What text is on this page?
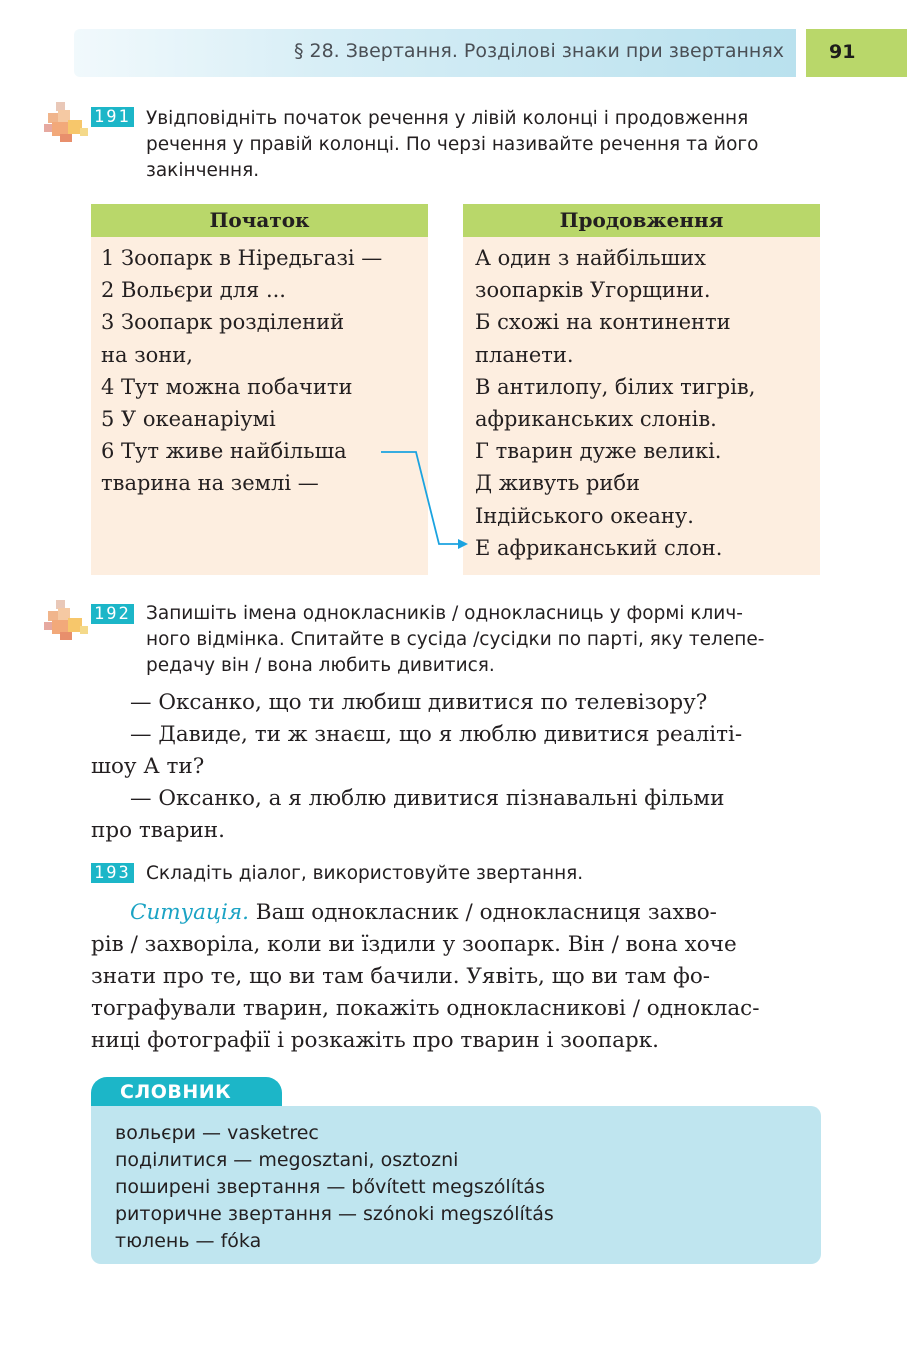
§ 28. Звертання. Розділові знаки при звертаннях 91
191 Увідповідніть початок речення у лівій колонці і продовження
речення у правій колонці. По черзі називайте речення та його
закінчення.
Початок
1 Зоопарк в Ніредьгазі —
2 Вольєри для ...
3 Зоопарк розділений
на зони,
4 Тут можна побачити
5 У океанаріумі
6 Тут живе найбільша
тварина на землі —
Продовження
А один з найбільших
зоопарків Угорщини.
Б схожі на континенти
планети.
В антилопу, білих тигрів,
африканських слонів.
Г тварин дуже великі.
Д живуть риби
Індійського океану.
Е африканський слон.
192 Запишіть імена однокласників / однокласниць у формі клич-
ного відмінка. Спитайте в сусіда /сусідки по парті, яку телепе-
редачу він / вона любить дивитися.
— Оксанко, що ти любиш дивитися по телевізору?
— Давиде, ти ж знаєш, що я люблю дивитися реаліті-
шоу А ти?
— Оксанко, а я люблю дивитися пізнавальні фільми
про тварин.
193 Складіть діалог, використовуйте звертання.
Ситуація. Ваш однокласник / однокласниця захво-
рів / захворіла, коли ви їздили у зоопарк. Він / вона хоче
знати про те, що ви там бачили. Уявіть, що ви там фо-
тографували тварин, покажіть однокласникові / однoклас-
ниці фотографії і розкажіть про тварин і зоопарк.
СЛОВНИК
вольєри — vasketrec
поділитися — megosztani, osztozni
поширені звертання — bővített megszólítás
риторичне звертання — szónoki megszólítás
тюлень — fóka
